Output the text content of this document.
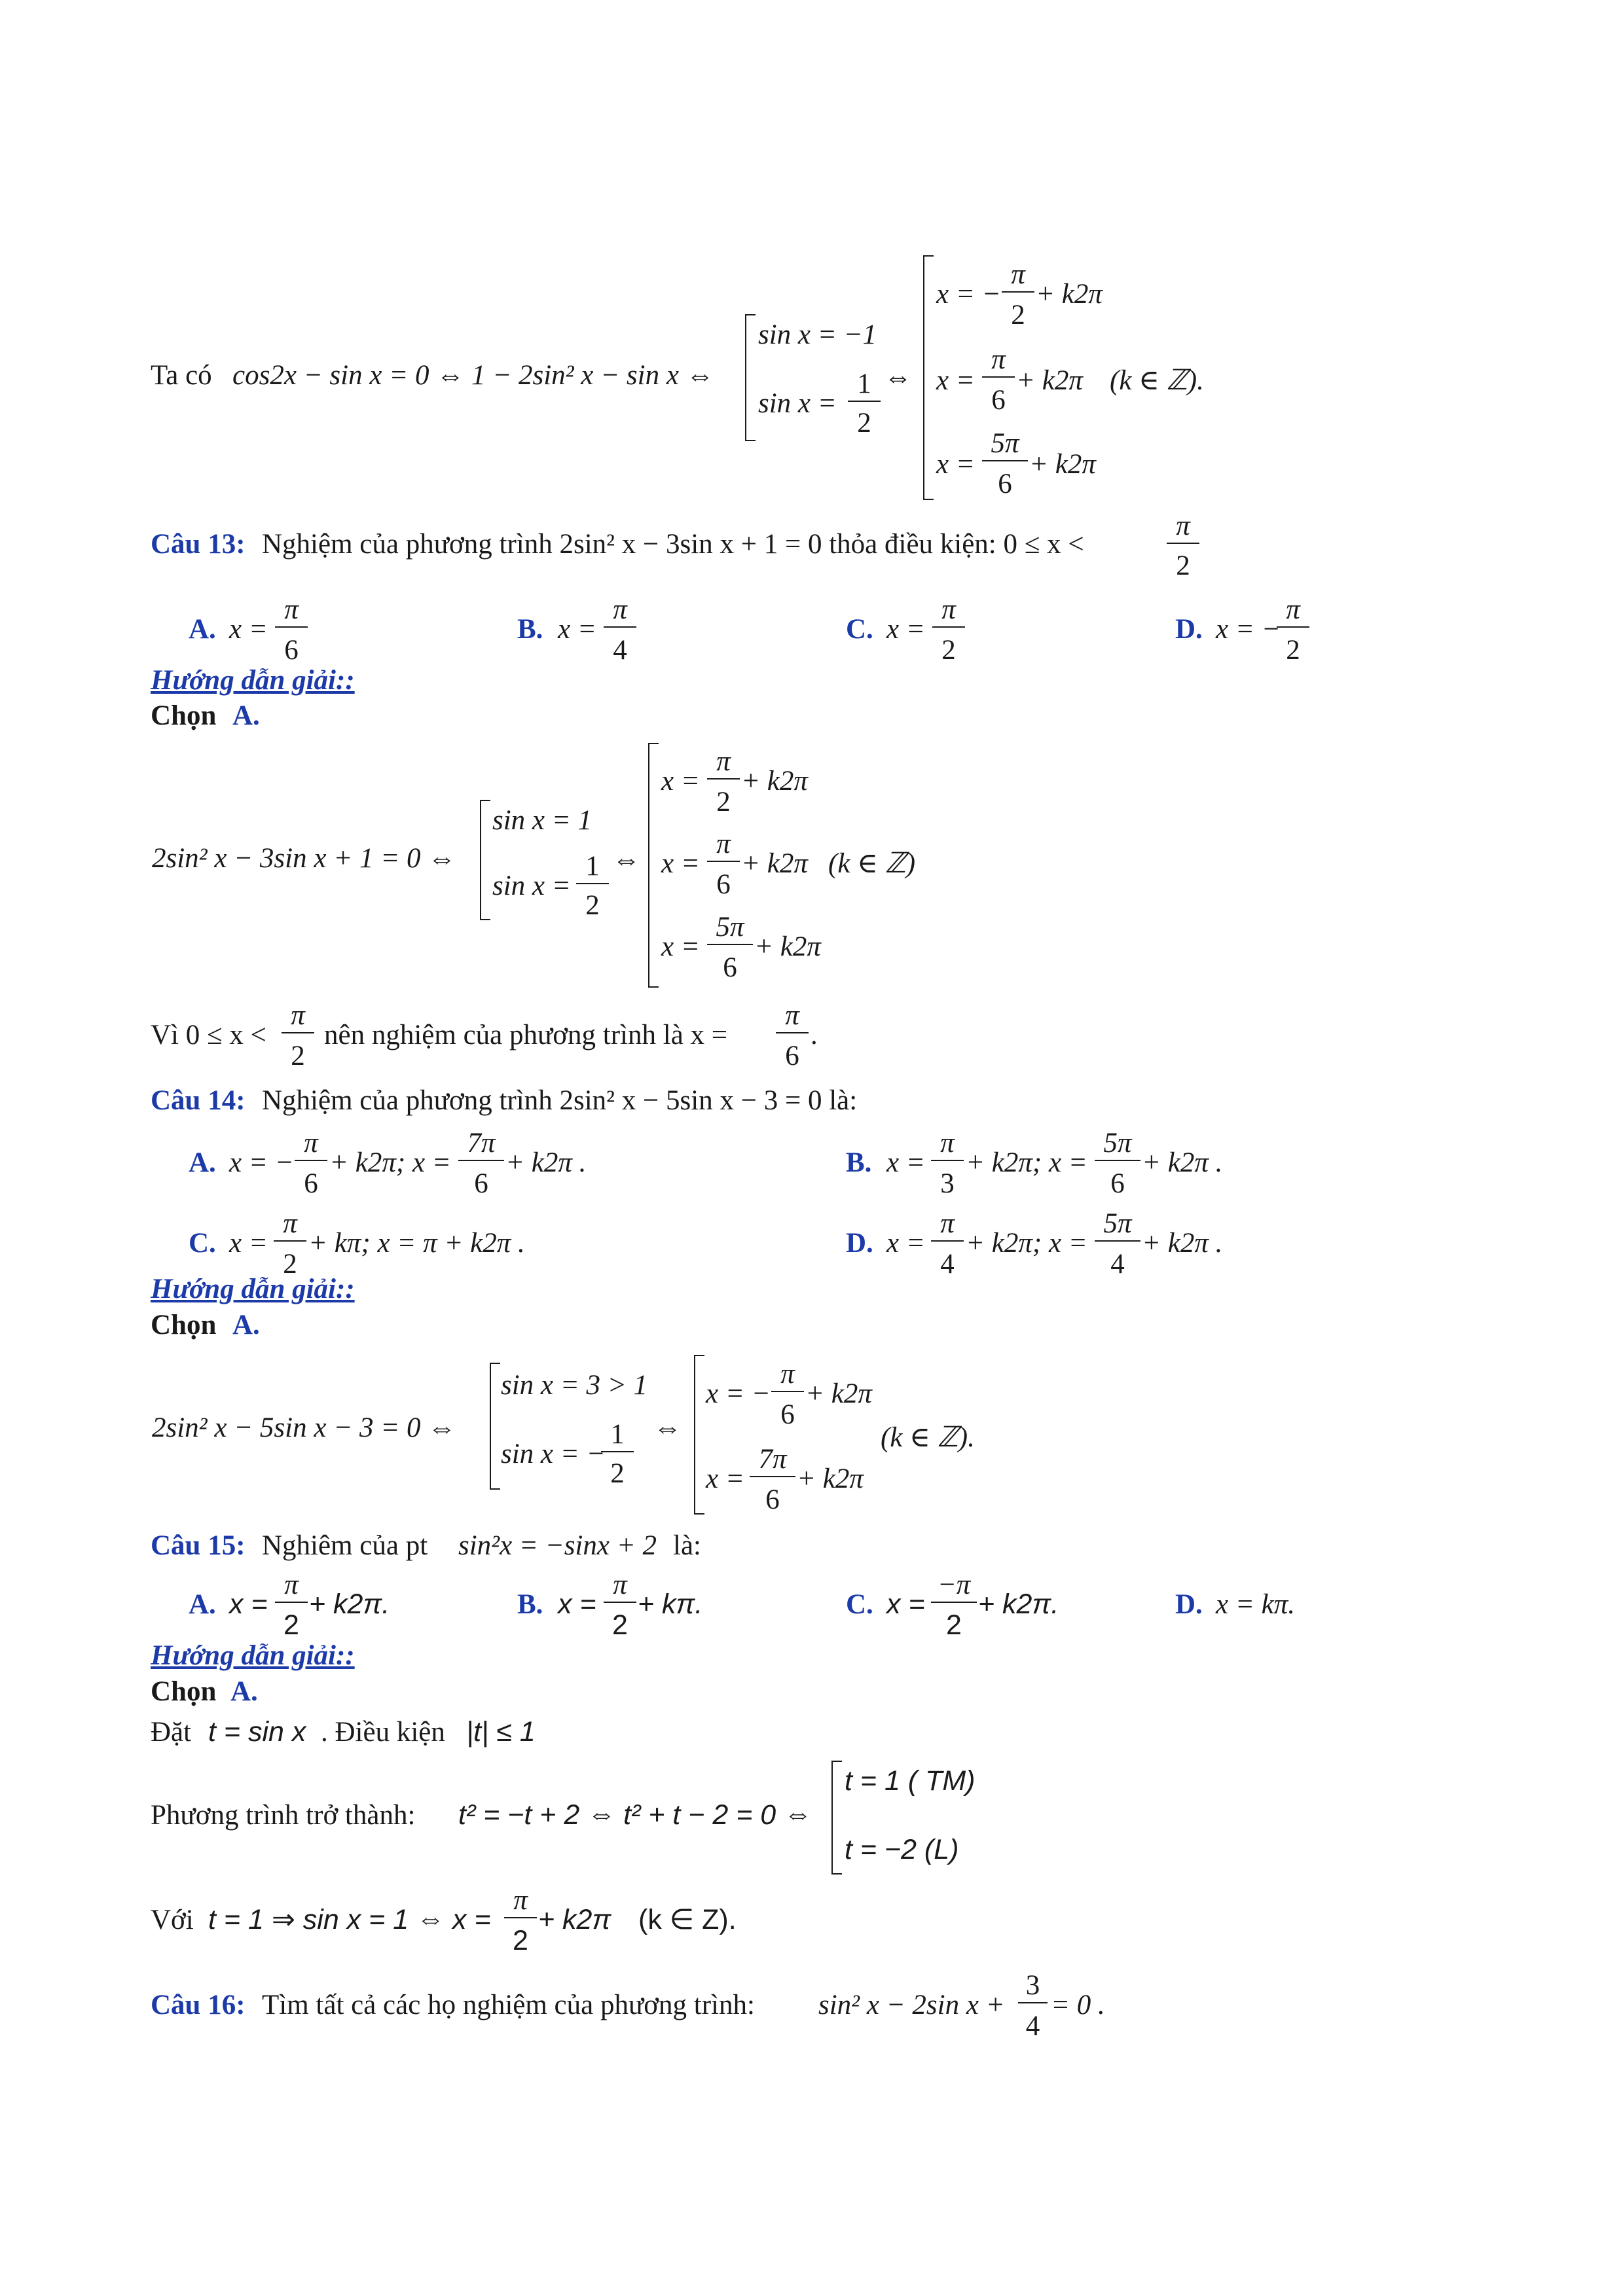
Ta có cos2x − sin x = 0 ⇔ 1 − 2sin² x − sin x ⇔
sin x = −1
sin x =
1
2
⇔
x = −
π
2
+ k2π
x =
π
6
+ k2π (k ∈ ℤ).
x =
5π
6
+ k2π
Câu 13: Nghiệm của phương trình 2sin² x − 3sin x + 1 = 0 thỏa điều kiện: 0 ≤ x <
π
2
A. x =
π
6
B. x =
π
4
C. x =
π
2
D. x = −
π
2
Hướng dẫn giải::
Chọn A.
2sin² x − 3sin x + 1 = 0 ⇔
sin x = 1
sin x =
1
2
⇔
x =
π
2
+ k2π
x =
π
6
+ k2π (k ∈ ℤ)
x =
5π
6
+ k2π
Vì 0 ≤ x <
π
2
nên nghiệm của phương trình là x =
π
6
.
Câu 14: Nghiệm của phương trình 2sin² x − 5sin x − 3 = 0 là:
A. x = −
π
6
+ k2π; x =
7π
6
+ k2π .	B. x =
π
3
+ k2π; x =
5π
6
+ k2π .
C. x =
π
2
+ kπ; x = π + k2π .	D. x =
π
4
+ k2π; x =
5π
4
+ k2π .
Hướng dẫn giải::
Chọn A.
2sin² x − 5sin x − 3 = 0 ⇔
sin x = 3 > 1
sin x = −
1
2
⇔
x = −
π
6
+ k2π
x =
7π
6
+ k2π
(k ∈ ℤ).
Câu 15: Nghiêm của pt sin²x = −sinx + 2 là:
A. x =
π
2
+ k2π.	B. x =
π
2
+ kπ.	C. x =
−π
2
+ k2π.	D. x = kπ.
Hướng dẫn giải::
Chọn A.
Đặt t = sin x . Điều kiện |t| ≤ 1
Phương trình trở thành: t² = −t + 2 ⇔ t² + t − 2 = 0 ⇔
t = 1 ( TM)
t = −2 (L)
Với t = 1 ⇒ sin x = 1 ⇔ x =
π
2
+ k2π (k ∈ Z).
Câu 16: Tìm tất cả các họ nghiệm của phương trình: sin² x − 2sin x +
3
4
= 0 .
